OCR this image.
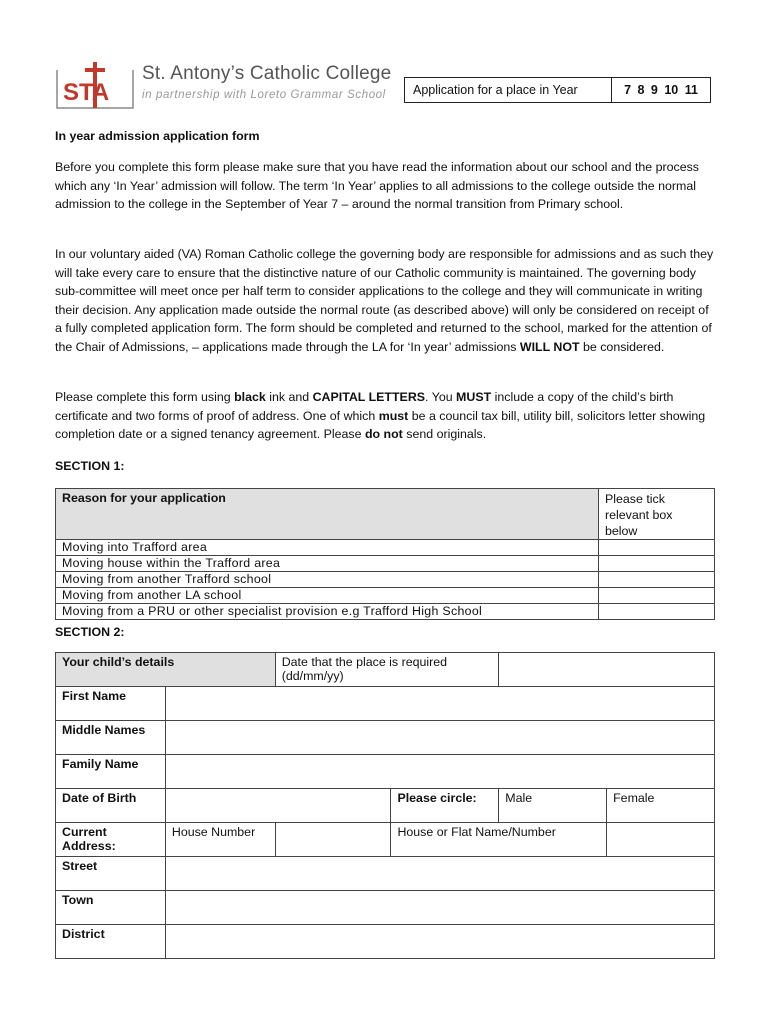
STA
St. Antony’s Catholic College
in partnership with Loreto Grammar School	Application for a place in Year	7 8 9 10 11
In year admission application form
Before you complete this form please make sure that you have read the information about our school and the process which any ‘In Year’ admission will follow. The term ‘In Year’ applies to all admissions to the college outside the normal admission to the college in the September of Year 7 – around the normal transition from Primary school.
In our voluntary aided (VA) Roman Catholic college the governing body are responsible for admissions and as such they will take every care to ensure that the distinctive nature of our Catholic community is maintained. The governing body sub-committee will meet once per half term to consider applications to the college and they will communicate in writing their decision. Any application made outside the normal route (as described above) will only be considered on receipt of a fully completed application form. The form should be completed and returned to the school, marked for the attention of the Chair of Admissions, – applications made through the LA for ‘In year’ admissions WILL NOT be considered.
Please complete this form using black ink and CAPITAL LETTERS. You MUST include a copy of the child’s birth certificate and two forms of proof of address. One of which must be a council tax bill, utility bill, solicitors letter showing completion date or a signed tenancy agreement. Please do not send originals.
SECTION 1:
Reason for your application	Please tick relevant box below
Moving into Trafford area	
Moving house within the Trafford area	
Moving from another Trafford school	
Moving from another LA school	
Moving from a PRU or other specialist provision e.g Trafford High School	
SECTION 2:
Your child’s details		Date that the place is required (dd/mm/yy)			
First Name					
Middle Names					
Family Name					
Date of Birth			Please circle:	Male	Female
Current Address:	House Number		House or Flat Name/Number		
Street					
Town					
District					
